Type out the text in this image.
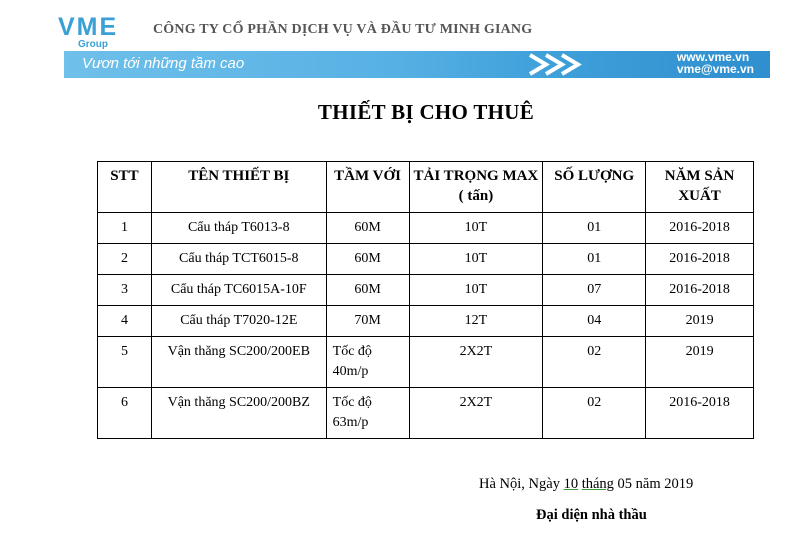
VME
Group
CÔNG TY CỔ PHẦN DỊCH VỤ VÀ ĐẦU TƯ MINH GIANG
Vươn tới những tầm cao	www.vme.vn
vme@vme.vn
THIẾT BỊ CHO THUÊ
STT	TÊN THIẾT BỊ	TẦM VỚI	TẢI TRỌNG MAX ( tấn)	SỐ LƯỢNG	NĂM SẢN XUẤT
1	Cẩu tháp T6013-8	60M	10T	01	2016-2018
2	Cẩu tháp TCT6015-8	60M	10T	01	2016-2018
3	Cẩu tháp TC6015A-10F	60M	10T	07	2016-2018
4	Cẩu tháp T7020-12E	70M	12T	04	2019
5	Vận thăng SC200/200EB	Tốc độ 40m/p	2X2T	02	2019
6	Vận thăng SC200/200BZ	Tốc độ 63m/p	2X2T	02	2016-2018
Hà Nội, Ngày 10 tháng 05 năm 2019
Đại diện nhà thầu
